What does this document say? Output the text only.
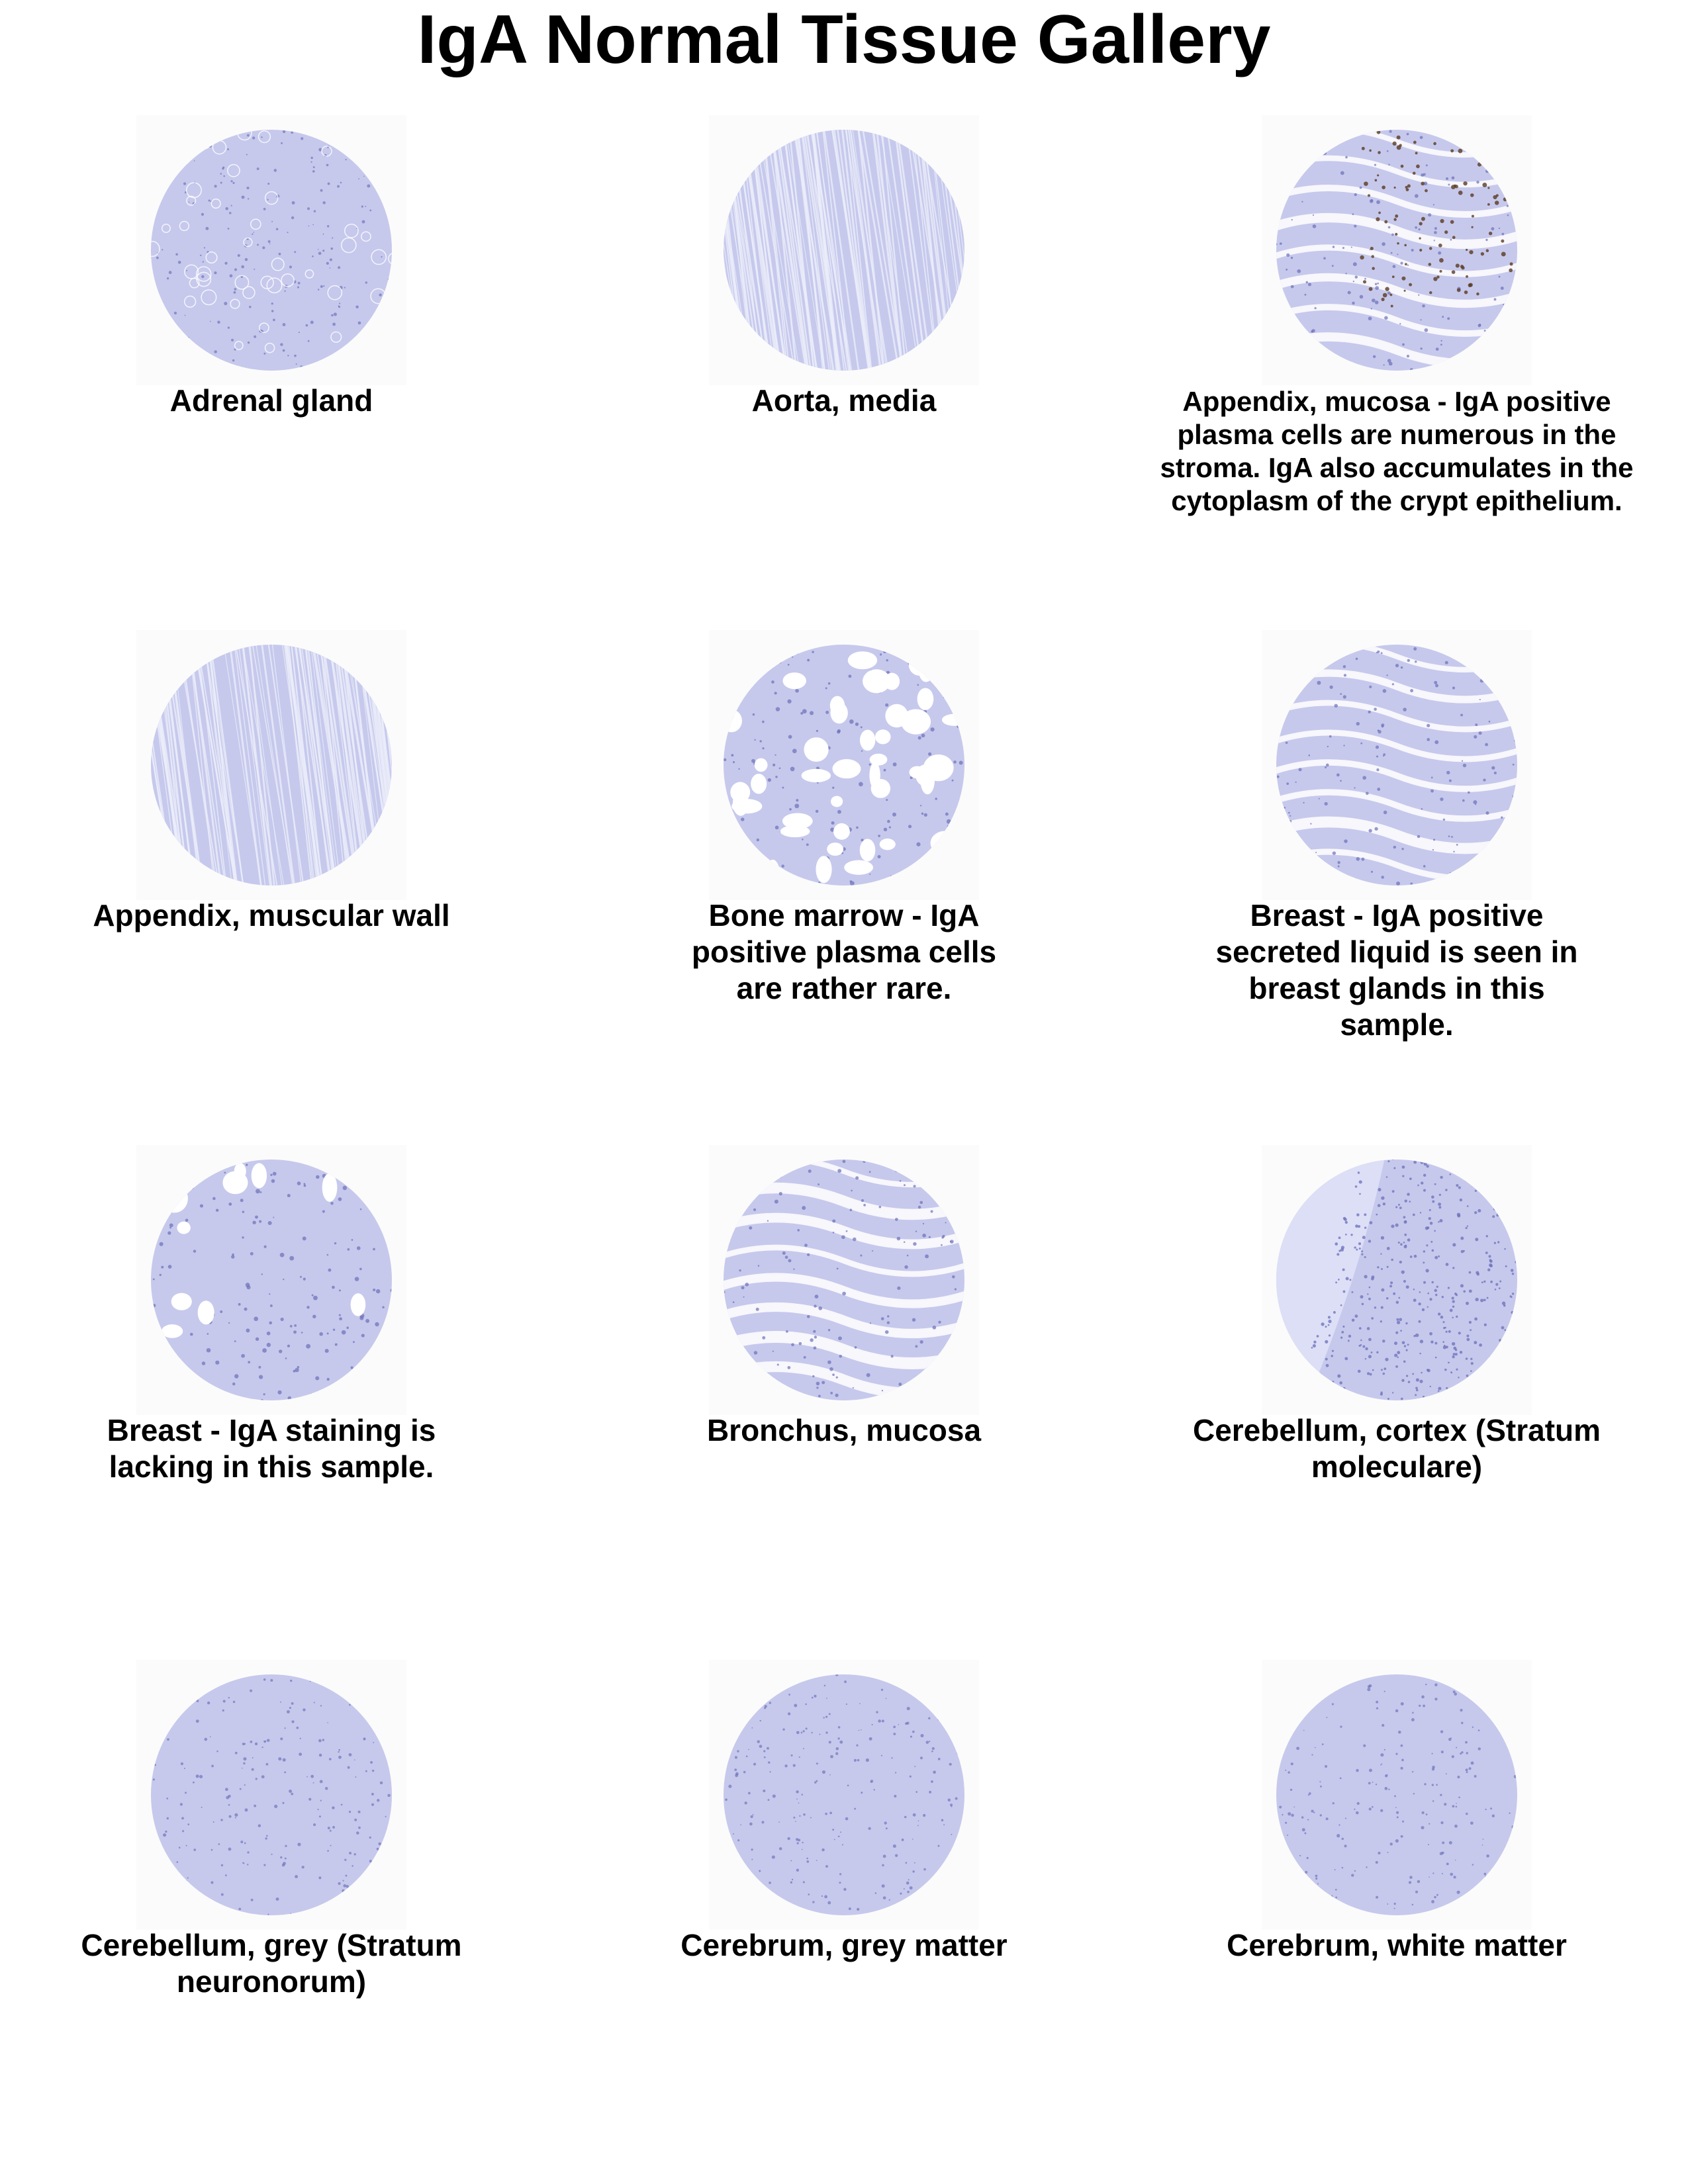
IgA Normal Tissue Gallery
Adrenal gland	Aorta, media	Appendix, mucosa - IgA positive plasma cells are numerous in the stroma. IgA also accumulates in the cytoplasm of the crypt epithelium.
Appendix, muscular wall	Bone marrow - IgA positive plasma cells are rather rare.
Breast - IgA positive secreted liquid is seen in breast glands in this sample.
Breast - IgA staining is lacking in this sample.
Bronchus, mucosa	Cerebellum, cortex (Stratum moleculare)
Cerebellum, grey (Stratum neuronorum)
Cerebrum, grey matter	Cerebrum, white matter
